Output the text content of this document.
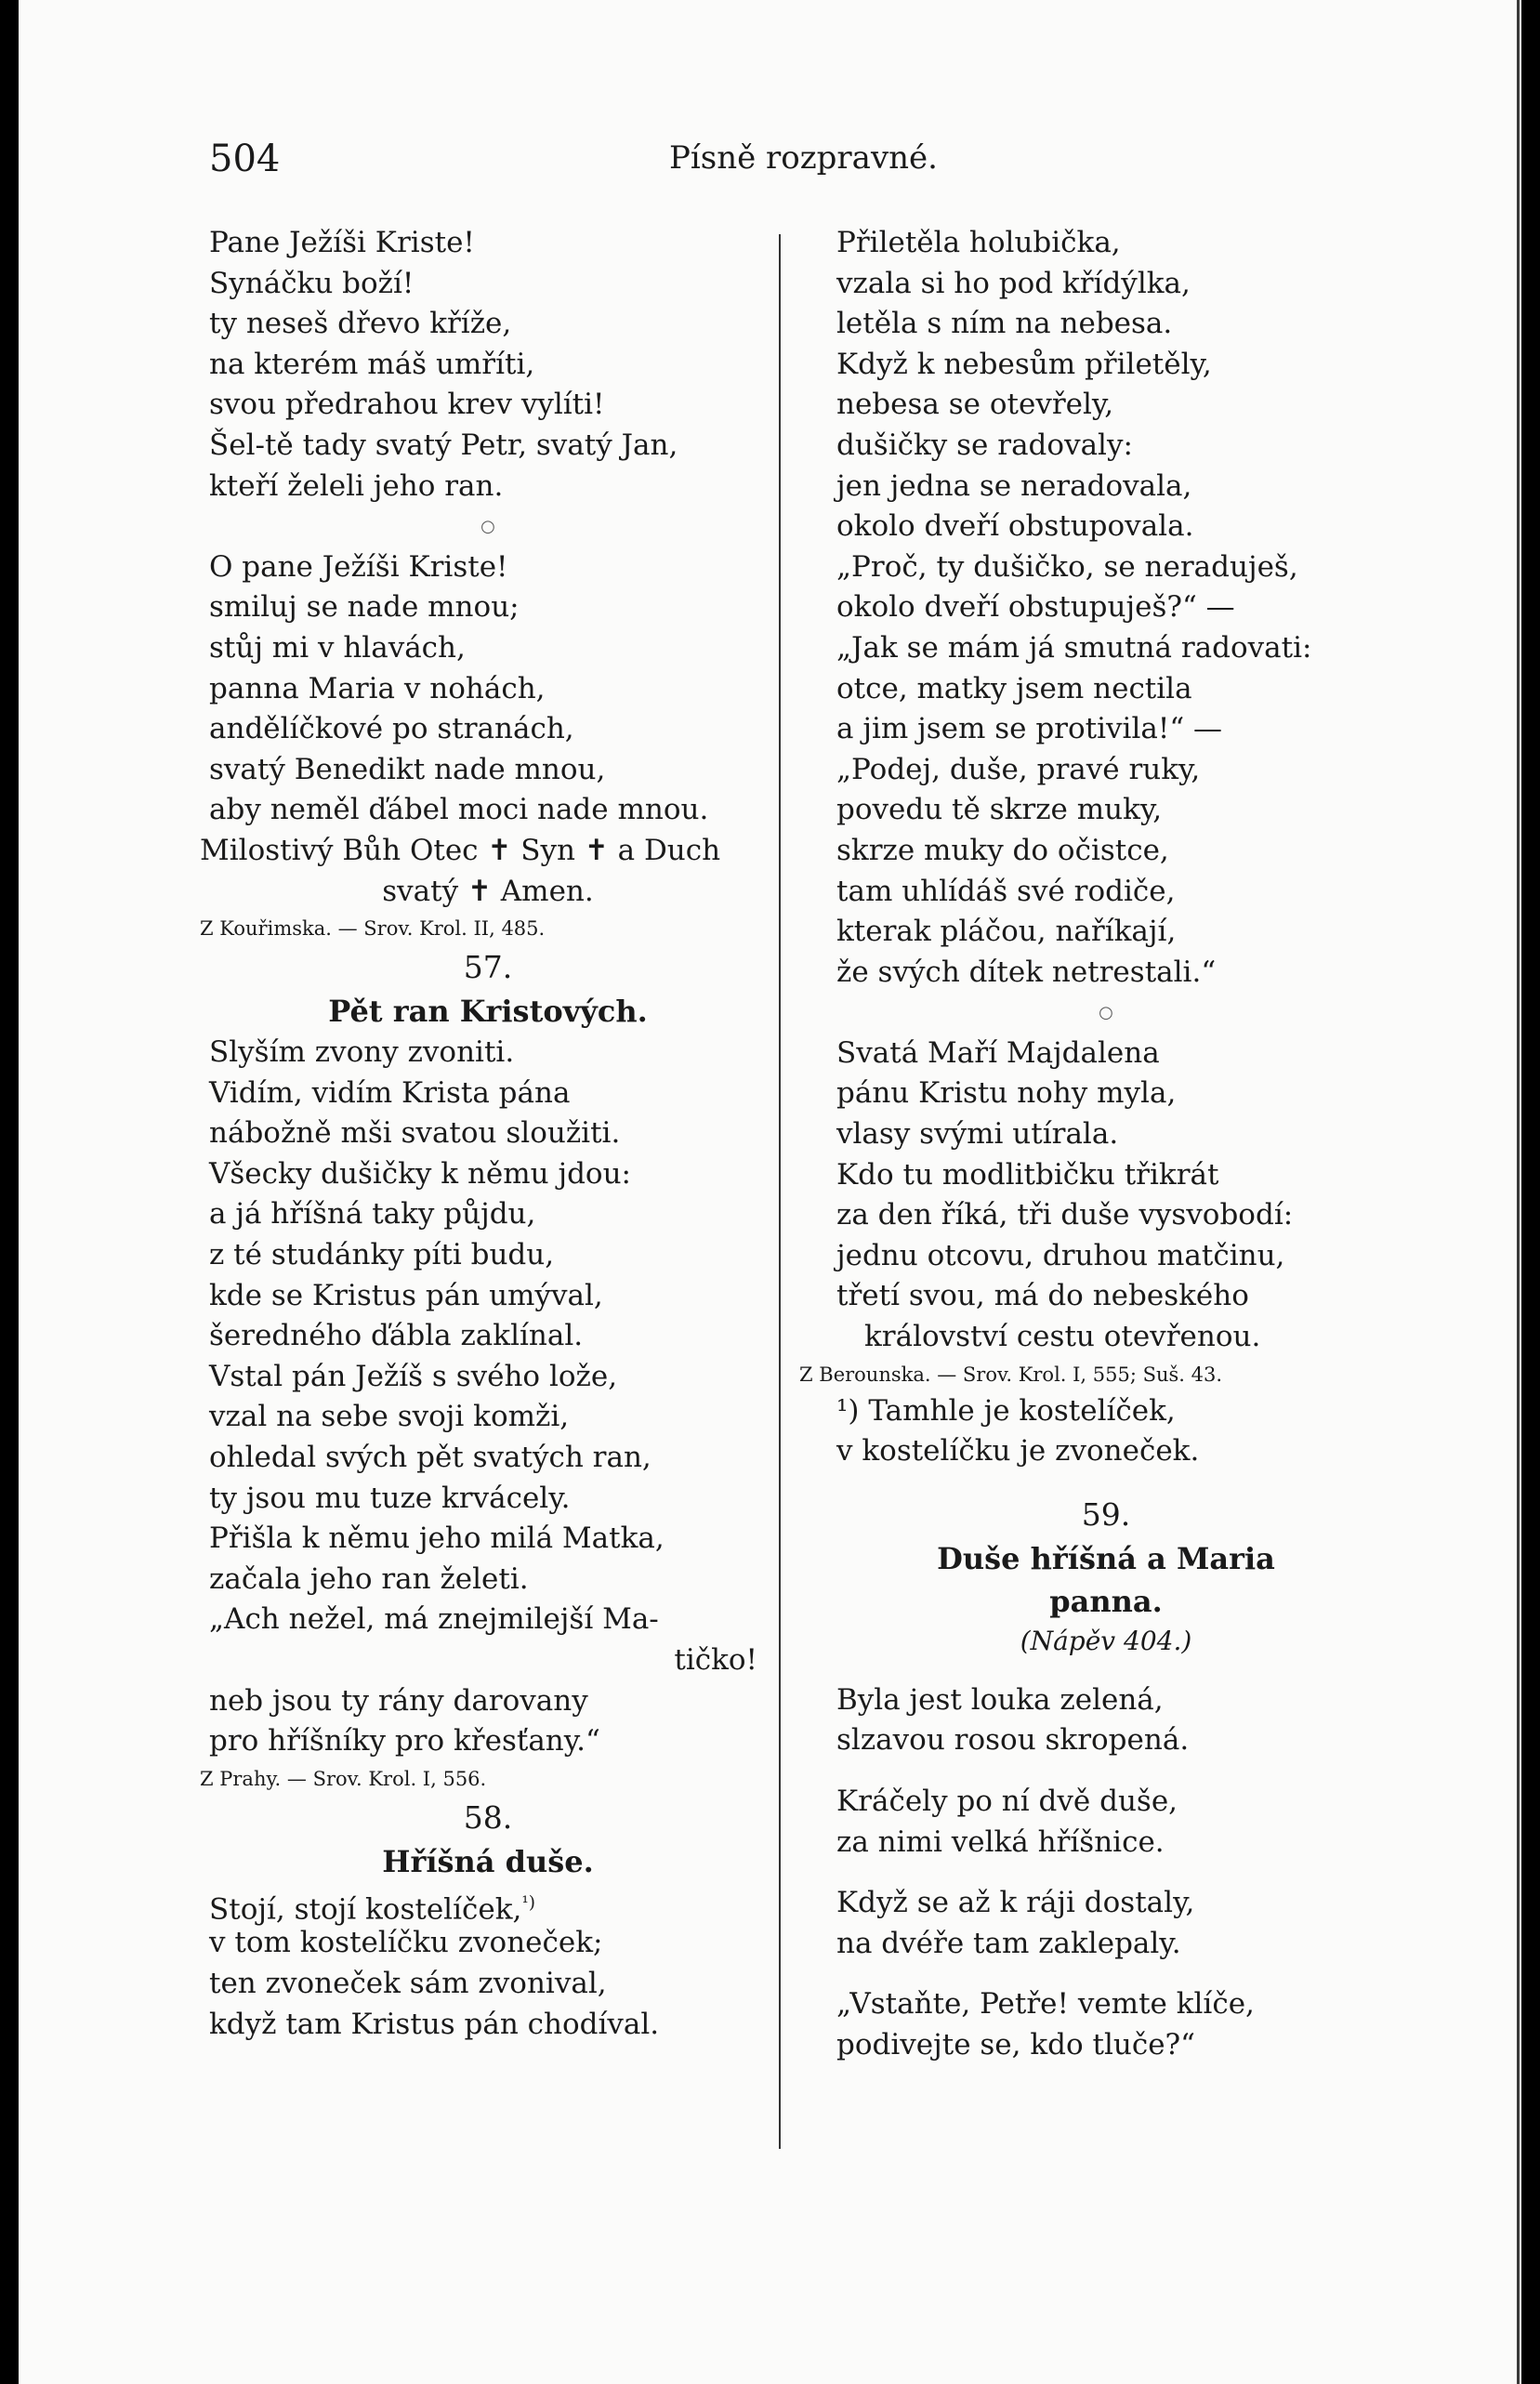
504	Písně rozpravné.
Pane Ježíši Kriste!
Synáčku boží!
ty neseš dřevo kříže,
na kterém máš umříti,
svou předrahou krev vylíti!
Šel-tě tady svatý Petr, svatý Jan,
kteří želeli jeho ran.
○
O pane Ježíši Kriste!
smiluj se nade mnou;
stůj mi v hlavách,
panna Maria v nohách,
andělíčkové po stranách,
svatý Benedikt nade mnou,
aby neměl ďábel moci nade mnou.
Milostivý Bůh Otec ✝ Syn ✝ a Duch
svatý ✝ Amen.
Z Kouřimska. — Srov. Krol. II, 485.
57.
Pět ran Kristových.
Slyším zvony zvoniti.
Vidím, vidím Krista pána
nábožně mši svatou sloužiti.
Všecky dušičky k němu jdou:
a já hříšná taky půjdu,
z té studánky píti budu,
kde se Kristus pán umýval,
šeredného ďábla zaklínal.
Vstal pán Ježíš s svého lože,
vzal na sebe svoji komži,
ohledal svých pět svatých ran,
ty jsou mu tuze krvácely.
Přišla k němu jeho milá Matka,
začala jeho ran želeti.
„Ach nežel, má znejmilejší Ma-
tičko!
neb jsou ty rány darovany
pro hříšníky pro křesťany.“
Z Prahy. — Srov. Krol. I, 556.
58.
Hříšná duše.
Stojí, stojí kostelíček,$^{^1)}$
v tom kostelíčku zvoneček;
ten zvoneček sám zvonival,
když tam Kristus pán chodíval.
Přiletěla holubička,
vzala si ho pod křídýlka,
letěla s ním na nebesa.
Když k nebesům přiletěly,
nebesa se otevřely,
dušičky se radovaly:
jen jedna se neradovala,
okolo dveří obstupovala.
„Proč, ty dušičko, se neraduješ,
okolo dveří obstupuješ?“ —
„Jak se mám já smutná radovati:
otce, matky jsem nectila
a jim jsem se protivila!“ —
„Podej, duše, pravé ruky,
povedu tě skrze muky,
skrze muky do očistce,
tam uhlídáš své rodiče,
kterak pláčou, naříkají,
že svých dítek netrestali.“
○
Svatá Maří Majdalena
pánu Kristu nohy myla,
vlasy svými utírala.
Kdo tu modlitbičku třikrát
za den říká, tři duše vysvobodí:
jednu otcovu, druhou matčinu,
třetí svou, má do nebeského
království cestu otevřenou.
Z Berounska. — Srov. Krol. I, 555; Suš. 43.
¹) Tamhle je kostelíček,
v kostelíčku je zvoneček.
59.
Duše hříšná a Maria
panna.
(Nápěv 404.)
Byla jest louka zelená,
slzavou rosou skropená.
Kráčely po ní dvě duše,
za nimi velká hříšnice.
Když se až k ráji dostaly,
na dvéře tam zaklepaly.
„Vstaňte, Petře! vemte klíče,
podivejte se, kdo tluče?“
